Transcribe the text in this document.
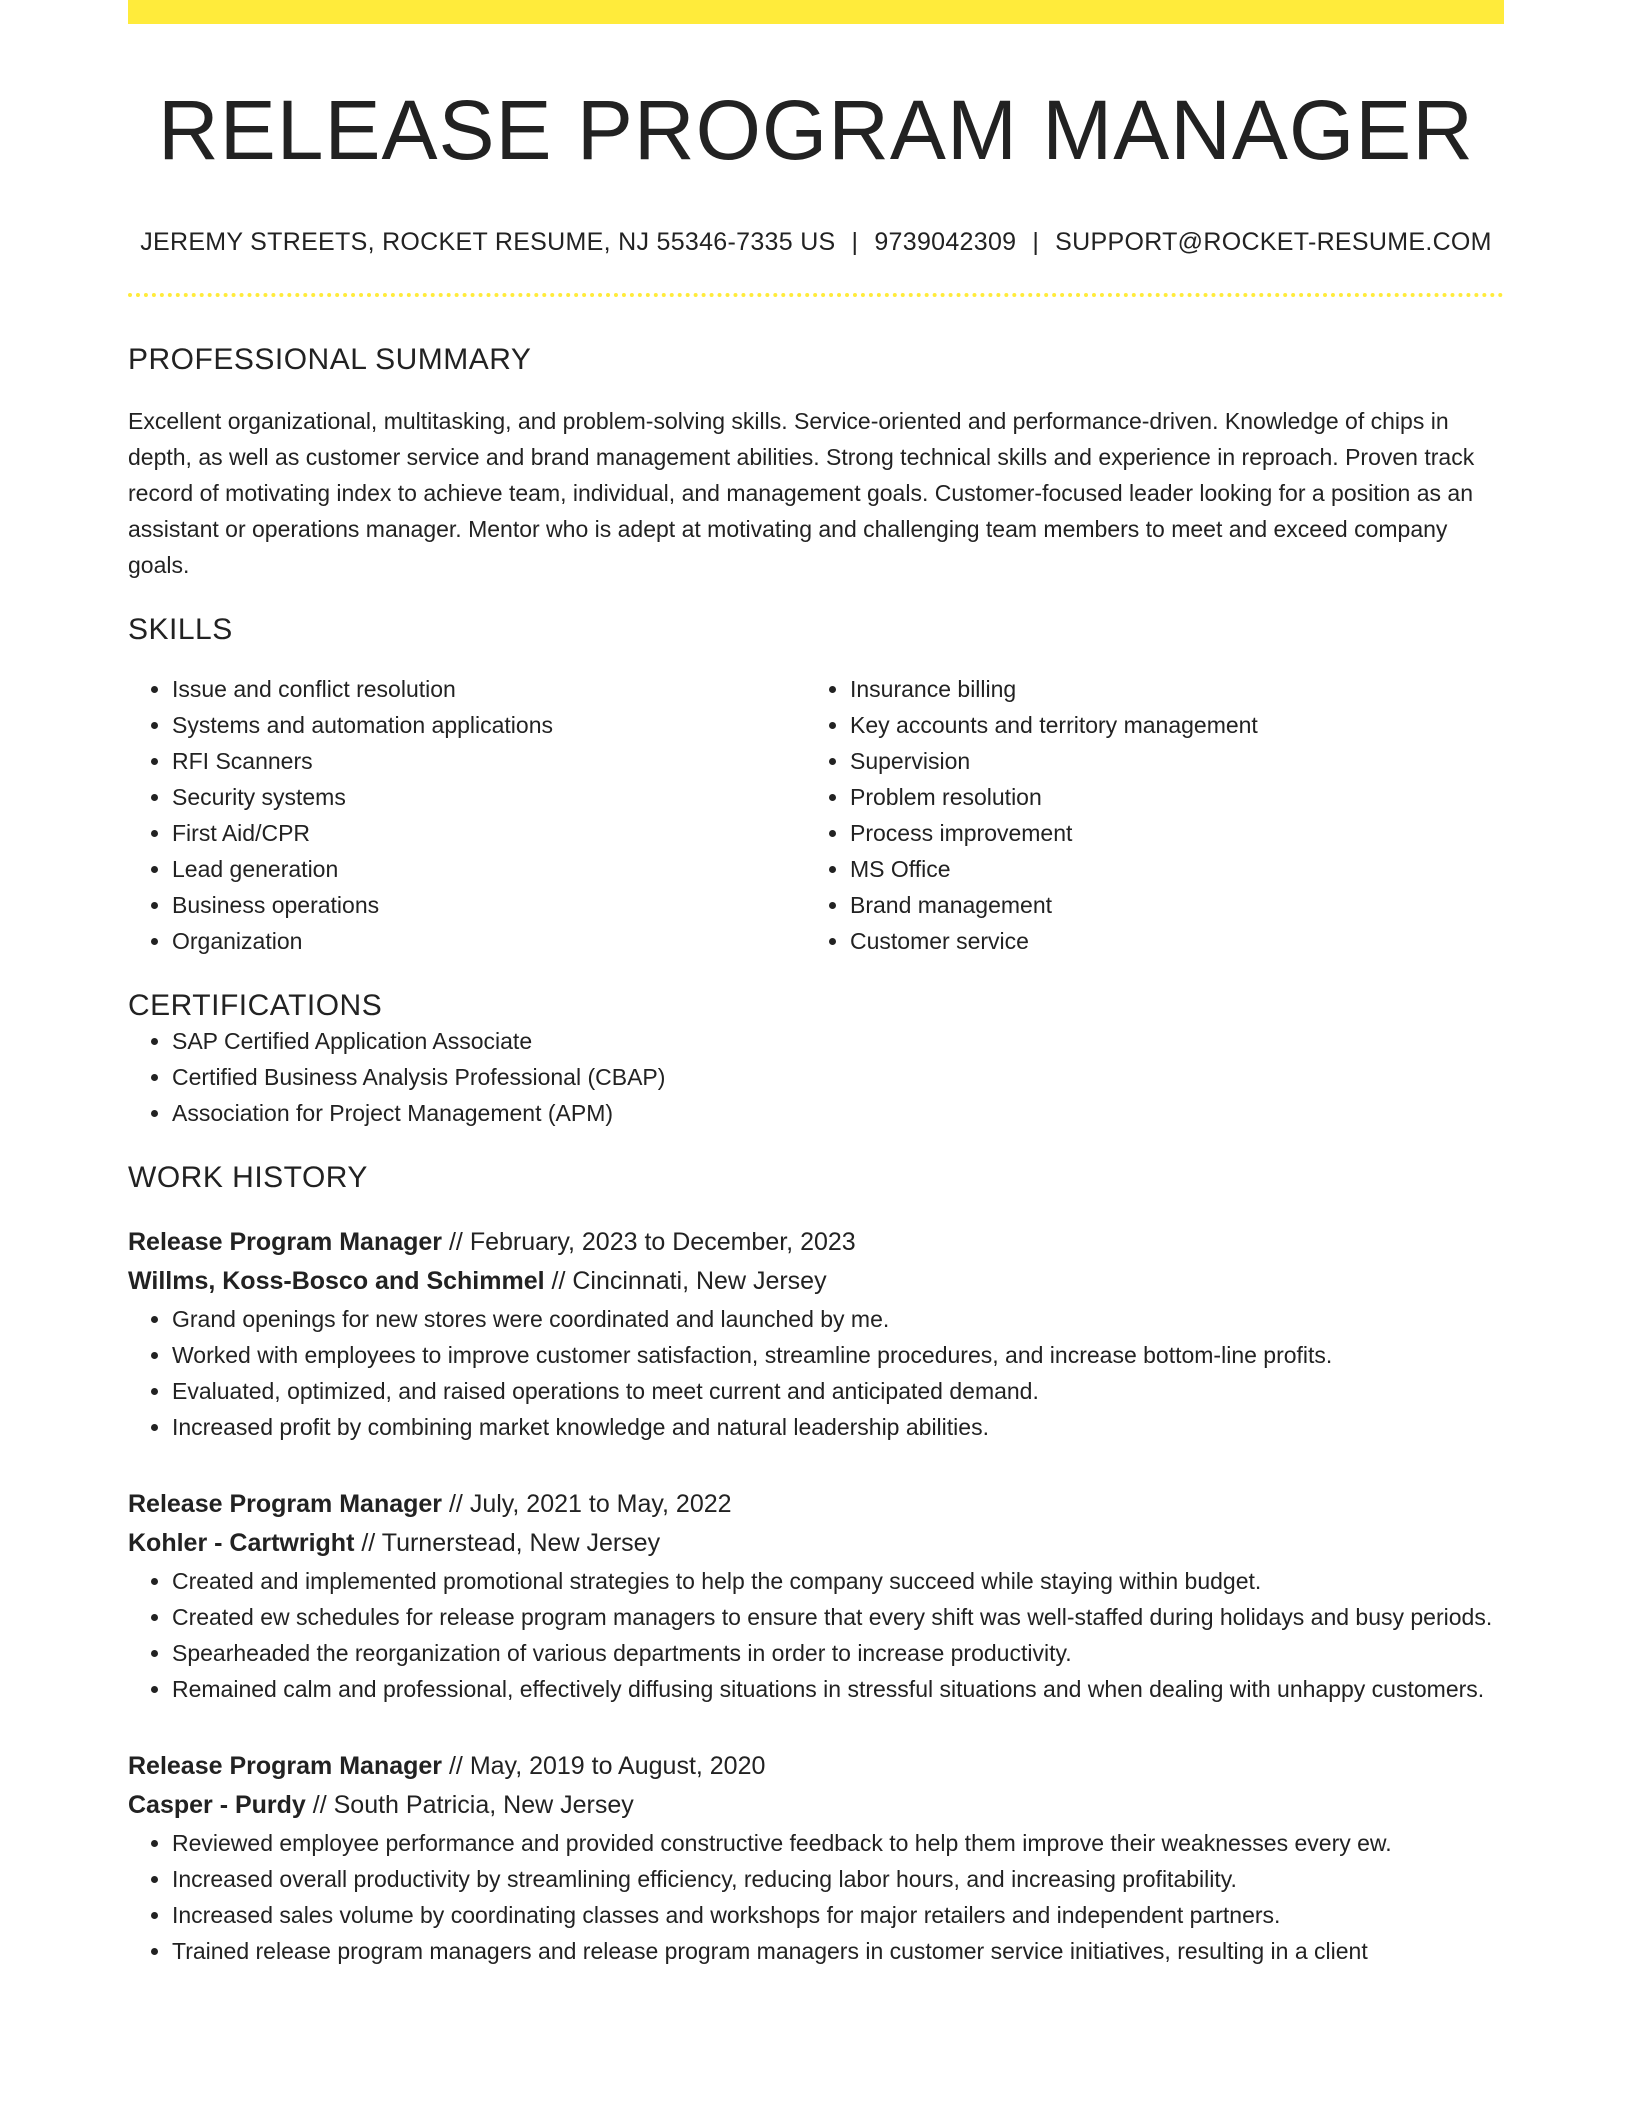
RELEASE PROGRAM MANAGER
JEREMY STREETS, ROCKET RESUME, NJ 55346-7335 US | 9739042309 | SUPPORT@ROCKET-RESUME.COM
PROFESSIONAL SUMMARY

Excellent organizational, multitasking, and problem-solving skills. Service-oriented and performance-driven. Knowledge of chips in depth, as well as customer service and brand management abilities. Strong technical skills and experience in reproach. Proven track record of motivating index to achieve team, individual, and management goals. Customer-focused leader looking for a position as an assistant or operations manager. Mentor who is adept at motivating and challenging team members to meet and exceed company goals.

SKILLS
• Issue and conflict resolution
• Systems and automation applications
• RFI Scanners
• Security systems
• First Aid/CPR
• Lead generation
• Business operations
• Organization
• Insurance billing
• Key accounts and territory management
• Supervision
• Problem resolution
• Process improvement
• MS Office
• Brand management
• Customer service
CERTIFICATIONS
• SAP Certified Application Associate
• Certified Business Analysis Professional (CBAP)
• Association for Project Management (APM)
WORK HISTORY
Release Program Manager // February, 2023 to December, 2023
Willms, Koss-Bosco and Schimmel // Cincinnati, New Jersey
• Grand openings for new stores were coordinated and launched by me.
• Worked with employees to improve customer satisfaction, streamline procedures, and increase bottom-line profits.
• Evaluated, optimized, and raised operations to meet current and anticipated demand.
• Increased profit by combining market knowledge and natural leadership abilities.
Release Program Manager // July, 2021 to May, 2022
Kohler - Cartwright // Turnerstead, New Jersey
• Created and implemented promotional strategies to help the company succeed while staying within budget.
• Created ew schedules for release program managers to ensure that every shift was well-staffed during holidays and busy periods.
• Spearheaded the reorganization of various departments in order to increase productivity.
• Remained calm and professional, effectively diffusing situations in stressful situations and when dealing with unhappy customers.
Release Program Manager // May, 2019 to August, 2020
Casper - Purdy // South Patricia, New Jersey
• Reviewed employee performance and provided constructive feedback to help them improve their weaknesses every ew.
• Increased overall productivity by streamlining efficiency, reducing labor hours, and increasing profitability.
• Increased sales volume by coordinating classes and workshops for major retailers and independent partners.
• Trained release program managers and release program managers in customer service initiatives, resulting in a client
